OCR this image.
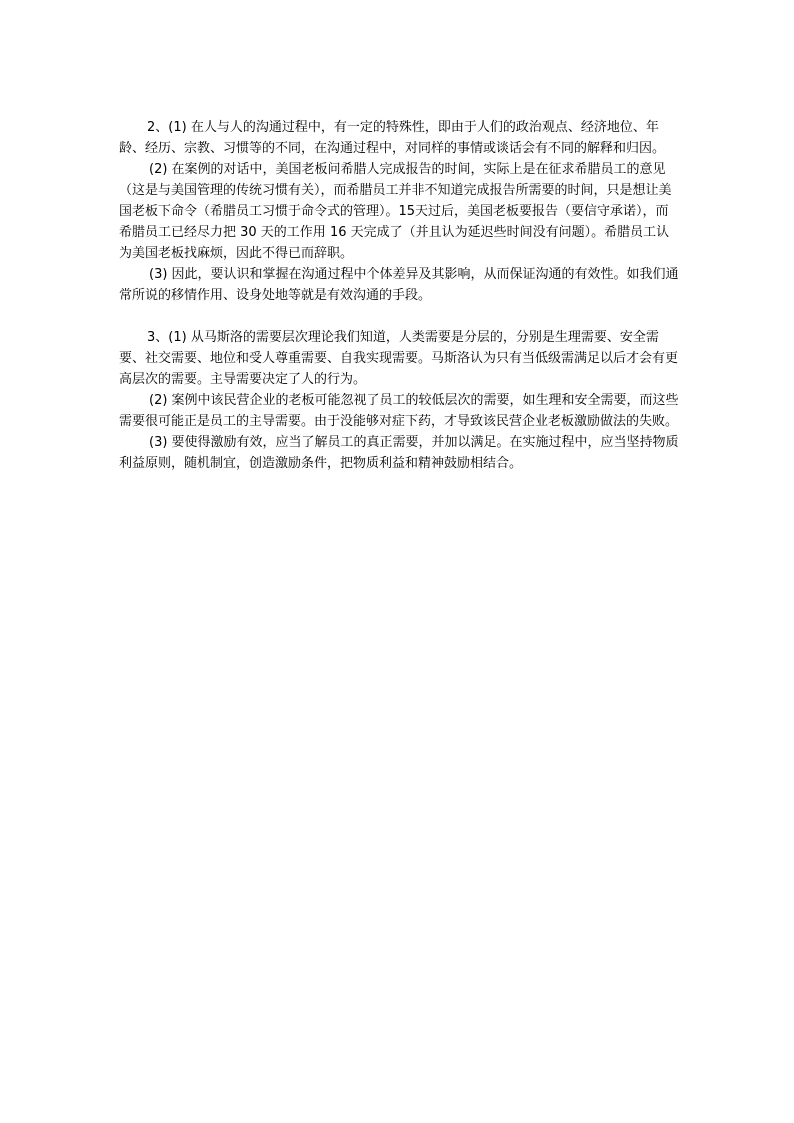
2、(1) 在人与人的沟通过程中，有一定的特殊性，即由于人们的政治观点、经济地位、年龄、经历、宗教、习惯等的不同，在沟通过程中，对同样的事情或谈话会有不同的解释和归因。

(2) 在案例的对话中，美国老板问希腊人完成报告的时间，实际上是在征求希腊员工的意见（这是与美国管理的传统习惯有关），而希腊员工并非不知道完成报告所需要的时间，只是想让美国老板下命令（希腊员工习惯于命令式的管理）。15天过后，美国老板要报告（要信守承诺），而希腊员工已经尽力把 30 天的工作用 16 天完成了（并且认为延迟些时间没有问题）。希腊员工认为美国老板找麻烦，因此不得已而辞职。

(3) 因此，要认识和掌握在沟通过程中个体差异及其影响，从而保证沟通的有效性。如我们通常所说的移情作用、设身处地等就是有效沟通的手段。

3、(1) 从马斯洛的需要层次理论我们知道，人类需要是分层的，分别是生理需要、安全需要、社交需要、地位和受人尊重需要、自我实现需要。马斯洛认为只有当低级需满足以后才会有更高层次的需要。主导需要决定了人的行为。

(2) 案例中该民营企业的老板可能忽视了员工的较低层次的需要，如生理和安全需要，而这些需要很可能正是员工的主导需要。由于没能够对症下药，才导致该民营企业老板激励做法的失败。

(3) 要使得激励有效，应当了解员工的真正需要，并加以满足。在实施过程中，应当坚持物质利益原则，随机制宜，创造激励条件，把物质利益和精神鼓励相结合。
